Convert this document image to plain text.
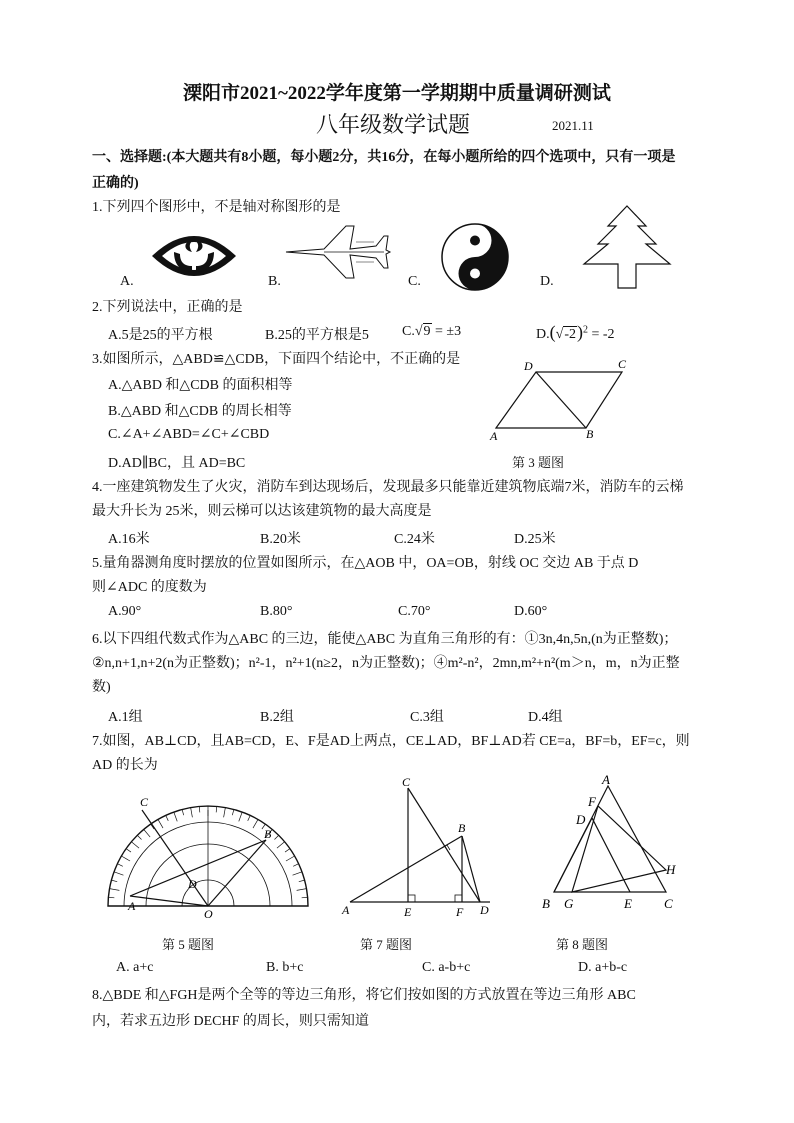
溧阳市2021~2022学年度第一学期期中质量调研测试
八年级数学试题	2021.11
一、选择题:(本大题共有8小题，每小题2分，共16分，在每小题所给的四个选项中，只有一项是
正确的)
1.下列四个图形中，不是轴对称图形的是
A.	B.	C.	D.
2.下列说法中，正确的是
A.5是25的平方根	B.25的平方根是5 C.√9 = ±3	$D.(√-2)^2 = -2$
3.如图所示，△ABD≌△CDB，下面四个结论中，不正确的是
A.△ABD 和△CDB 的面积相等
B.△ABD 和△CDB 的周长相等
C.∠A+∠ABD=∠C+∠CBD
D.AD∥BC，且 AD=BC
D	C
A	B
第 3 题图
4.一座建筑物发生了火灾，消防车到达现场后，发现最多只能靠近建筑物底端7米，消防车的云梯
最大升长为 25米，则云梯可以达该建筑物的最大高度是
A.16米	B.20米	C.24米	D.25米
5.量角器测角度时摆放的位置如图所示，在△AOB 中，OA=OB，射线 OC 交边 AB 于点 D
则∠ADC 的度数为
A.90°	B.80°	C.70°	D.60°
6.以下四组代数式作为△ABC 的三边，能使△ABC 为直角三角形的有：①3n,4n,5n,(n为正整数)；
②n,n+1,n+2(n为正整数)；n²-1，n²+1(n≥2，n为正整数)；④m²-n²，2mn,m²+n²(m＞n，m，n为正整
数)
A.1组	B.2组	C.3组	D.4组
7.如图，AB⊥CD，且AB=CD，E、F是AD上两点，CE⊥AD，BF⊥AD若 CE=a，BF=b，EF=c，则
AD 的长为
C
B
D
A
O
C
B
A	E	F D
A
F
D
H
B G	E C
第 5 题图	第 7 题图	第 8 题图
A. a+c	B. b+c	C. a-b+c	D. a+b-c
8.△BDE 和△FGH是两个全等的等边三角形，将它们按如图的方式放置在等边三角形 ABC
内，若求五边形 DECHF 的周长，则只需知道
